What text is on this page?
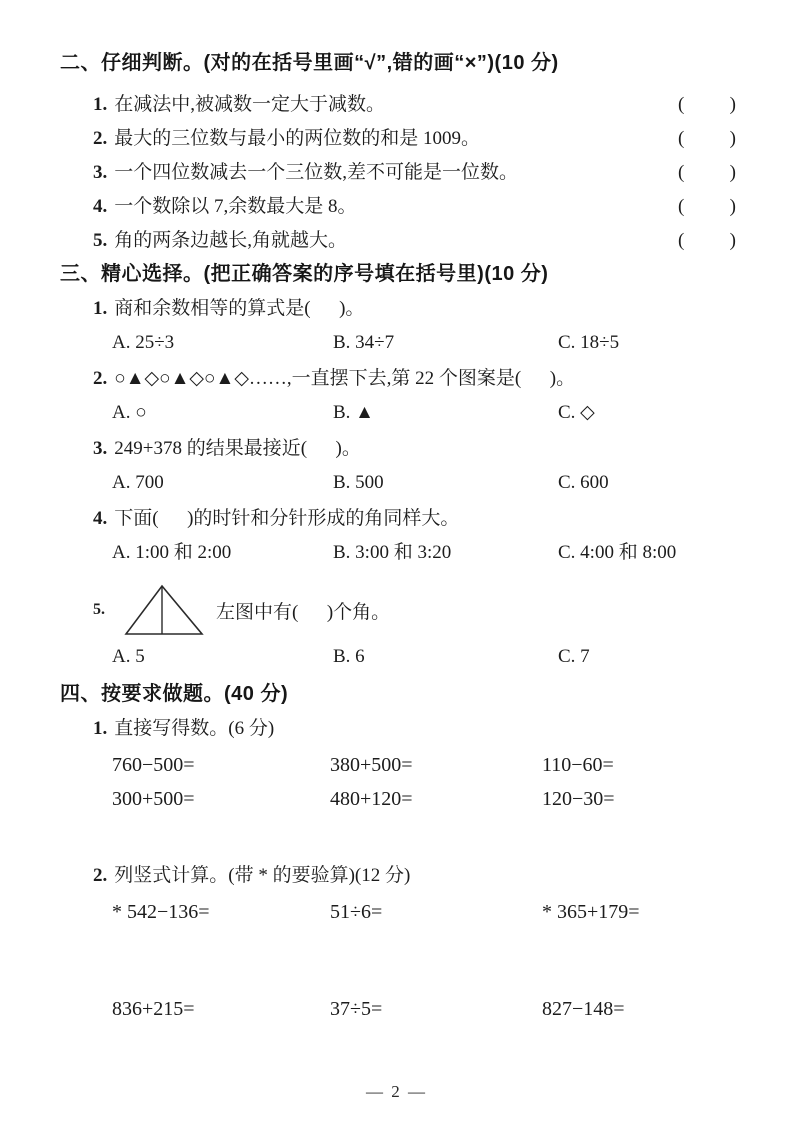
二、仔细判断。(对的在括号里画“√”,错的画“×”)(10 分)
1. 在减法中,被减数一定大于减数。	( )
2. 最大的三位数与最小的两位数的和是 1009。	( )
3. 一个四位数减去一个三位数,差不可能是一位数。	( )
4. 一个数除以 7,余数最大是 8。	( )
5. 角的两条边越长,角就越大。	( )
三、精心选择。(把正确答案的序号填在括号里)(10 分)
1. 商和余数相等的算式是(      )。
A. 25÷3	B. 34÷7	C. 18÷5
2. ○▲◇○▲◇○▲◇……,一直摆下去,第 22 个图案是(      )。
A. ○	B. ▲	C. ◇
3. 249+378 的结果最接近(      )。
A. 700	B. 500	C. 600
4. 下面(      )的时针和分针形成的角同样大。
A. 1:00 和 2:00	B. 3:00 和 3:20	C. 4:00 和 8:00
5.	左图中有(      )个角。
A. 5	B. 6	C. 7
四、按要求做题。(40 分)
1. 直接写得数。(6 分)
760−500=	380+500=	110−60=
300+500=	480+120=	120−30=
2. 列竖式计算。(带 * 的要验算)(12 分)
* 542−136=	51÷6=	* 365+179=
836+215=	37÷5=	827−148=
— 2 —
